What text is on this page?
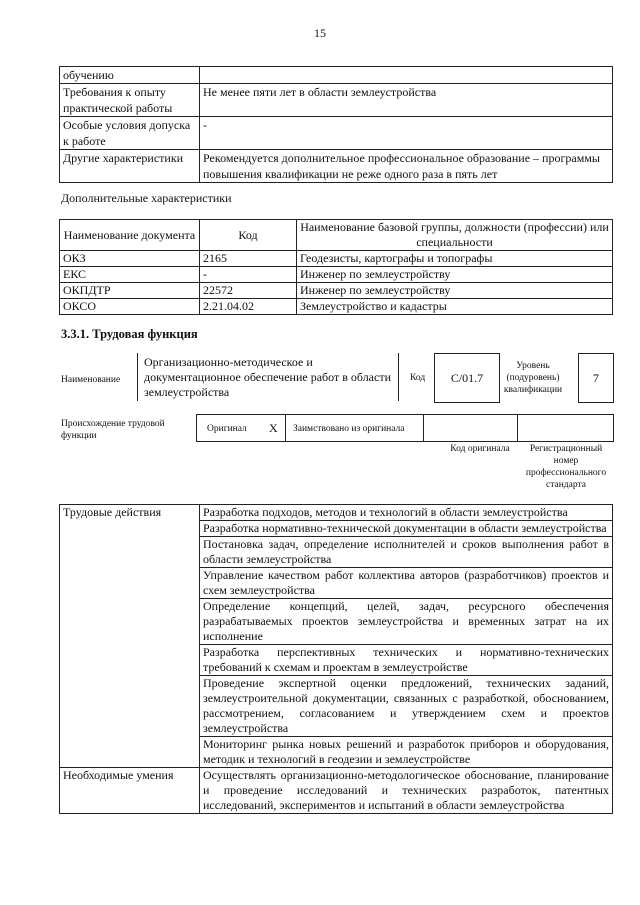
15
обучению	
Требования к опыту практической работы	Не менее пяти лет в области землеустройства
Особые условия допуска к работе	-
Другие характеристики	Рекомендуется дополнительное профессиональное образование – программы повышения квалификации не реже одного раза в пять лет
Дополнительные характеристики
Наименование документа	Код	Наименование базовой группы, должности (профессии) или специальности
ОКЗ	2165	Геодезисты, картографы и топографы
ЕКС	-	Инженер по землеустройству
ОКПДТР	22572	Инженер по землеустройству
ОКСО	2.21.04.02	Землеустройство и кадастры
3.3.1. Трудовая функция
Наименование
Организационно-методическое и документационное обеспечение работ в области землеустройства
Код	С/01.7
Уровень (подуровень) квалификации
7
Происхождение трудовой функции
Оригинал X Заимствовано из оригинала
Код оригинала	Регистрационный номер профессионального стандарта
Трудовые действия	Разработка подходов, методов и технологий в области землеустройства
	Разработка нормативно-технической документации в области землеустройства
	Постановка задач, определение исполнителей и сроков выполнения работ в области землеустройства
	Управление качеством работ коллектива авторов (разработчиков) проектов и схем землеустройства
	Определение концепций, целей, задач, ресурсного обеспечения разрабатываемых проектов землеустройства и временных затрат на их исполнение
	Разработка перспективных технических и нормативно-технических требований к схемам и проектам в землеустройстве
	Проведение экспертной оценки предложений, технических заданий, землеустроительной документации, связанных с разработкой, обоснованием, рассмотрением, согласованием и утверждением схем и проектов землеустройства
	Мониторинг рынка новых решений и разработок приборов и оборудования, методик и технологий в геодезии и землеустройстве
Необходимые умения	Осуществлять организационно-методологическое обоснование, планирование и проведение исследований и технических разработок, патентных исследований, экспериментов и испытаний в области землеустройства
